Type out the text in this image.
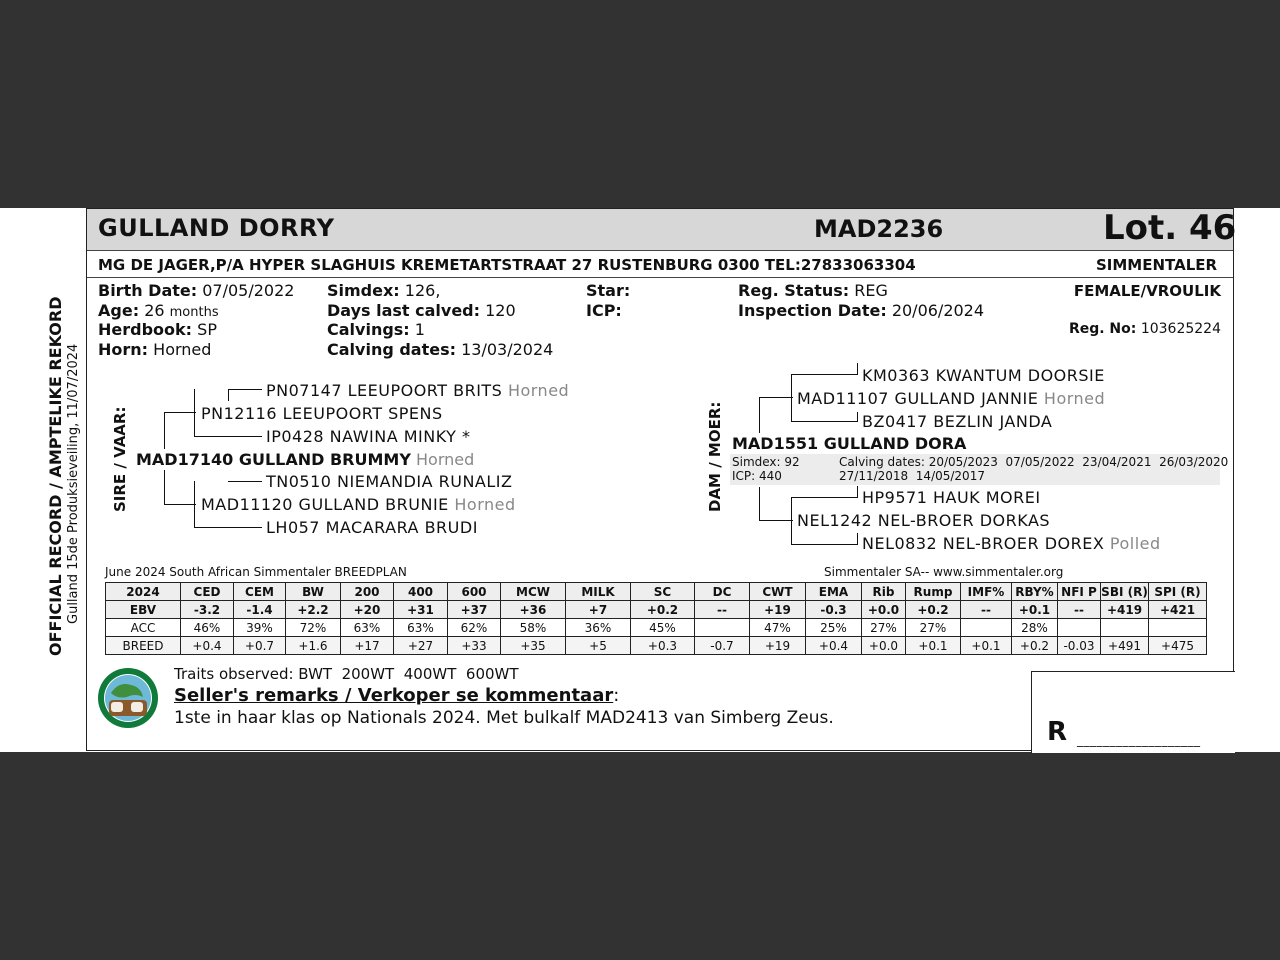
OFFICIAL RECORD / AMPTELIKE REKORD Gulland 15de Produksieveiling, 11/07/2024
GULLAND DORRY	MAD2236	Lot. 46
MG DE JAGER,P/A HYPER SLAGHUIS KREMETARTSTRAAT 27 RUSTENBURG 0300 TEL:27833063304	SIMMENTALER
Birth Date: 07/05/2022
Age: 26 months
Herdbook: SP
Horn: Horned
Simdex: 126,
Days last calved: 120
Calvings: 1
Calving dates: 13/03/2024
Star:
ICP:
Reg. Status: REG
Inspection Date: 20/06/2024
FEMALE/VROULIK
Reg. No: 103625224
SIRE / VAAR:
PN07147 LEEUPOORT BRITS Horned
PN12116 LEEUPOORT SPENS
IP0428 NAWINA MINKY *
MAD17140 GULLAND BRUMMY Horned
TN0510 NIEMANDIA RUNALIZ
MAD11120 GULLAND BRUNIE Horned
LH057 MACARARA BRUDI
DAM / MOER:
KM0363 KWANTUM DOORSIE
MAD11107 GULLAND JANNIE Horned
BZ0417 BEZLIN JANDA
MAD1551 GULLAND DORA
Simdex: 92
ICP: 440
Calving dates: 20/05/2023  07/05/2022  23/04/2021  26/03/2020
27/11/2018  14/05/2017
HP9571 HAUK MOREI
NEL1242 NEL-BROER DORKAS
NEL0832 NEL-BROER DOREX Polled
June 2024 South African Simmentaler BREEDPLAN	Simmentaler SA-- www.simmentaler.org
2024	CED	CEM	BW	200	400	600	MCW	MILK	SC	DC	CWT	EMA	Rib	Rump	IMF%	RBY%	NFI P	SBI (R)	SPI (R)
EBV	-3.2	-1.4	+2.2	+20	+31	+37	+36	+7	+0.2	--	+19	-0.3	+0.0	+0.2	--	+0.1	--	+419	+421
ACC	46%	39%	72%	63%	63%	62%	58%	36%	45%		47%	25%	27%	27%		28%			
BREED	+0.4	+0.7	+1.6	+17	+27	+33	+35	+5	+0.3	-0.7	+19	+0.4	+0.0	+0.1	+0.1	+0.2	-0.03	+491	+475
Traits observed: BWT  200WT  400WT  600WT
Seller's remarks / Verkoper se kommentaar:
1ste in haar klas op Nationals 2024. Met bulkalf MAD2413 van Simberg Zeus.	R ___________________
